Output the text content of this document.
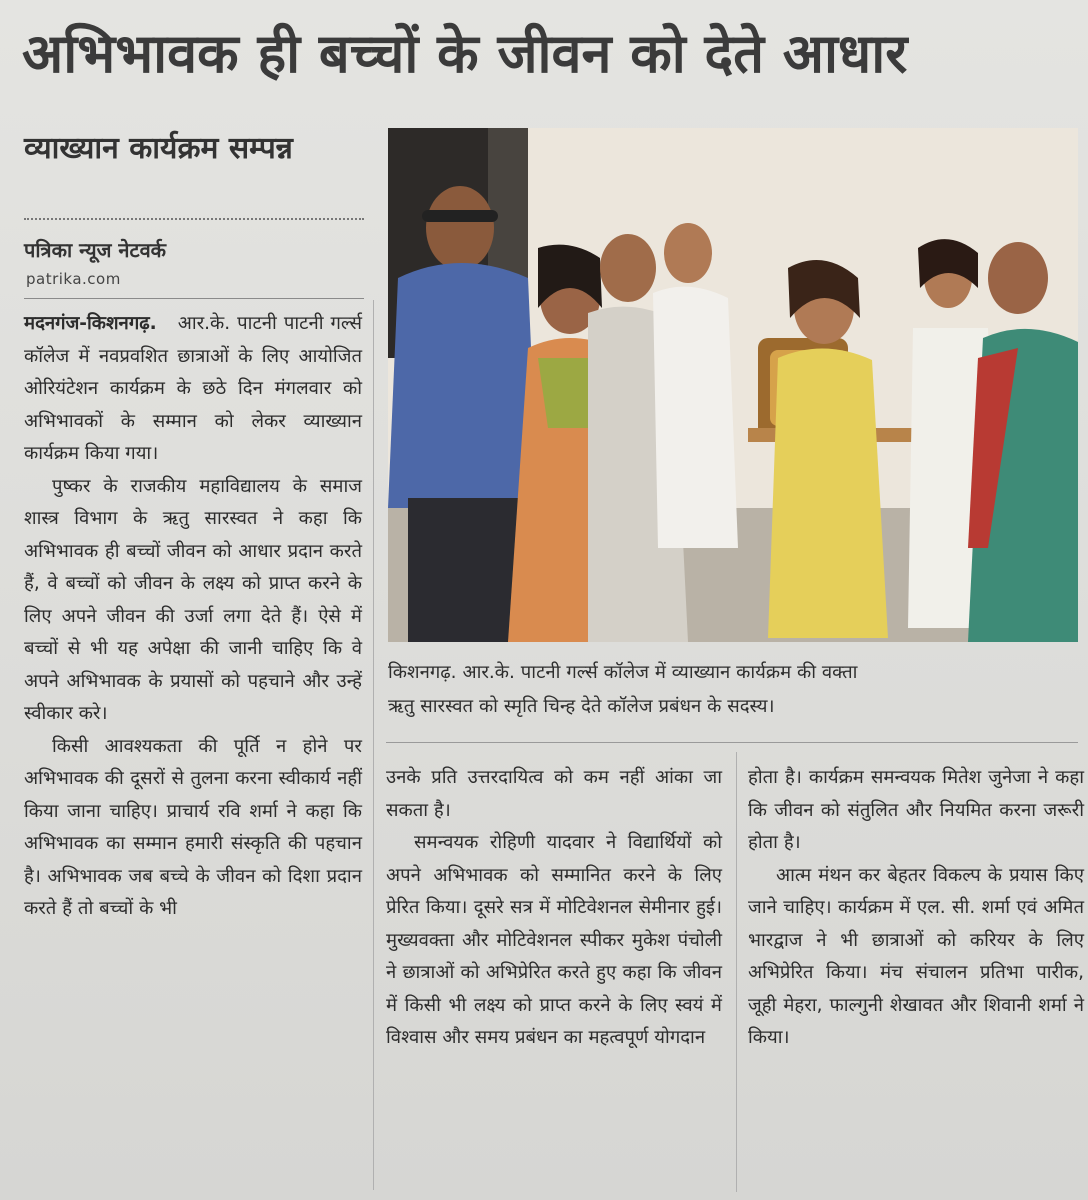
अभिभावक ही बच्चों के जीवन को देते आधार
व्याख्यान कार्यक्रम सम्पन्न
पत्रिका न्यूज नेटवर्क
patrika.com

मदनगंज-किशनगढ़. आर.के. पाटनी पाटनी गर्ल्स कॉलेज में नवप्रवशित छात्राओं के लिए आयोजित ओरियंटेशन कार्यक्रम के छठे दिन मंगलवार को अभिभावकों के सम्मान को लेकर व्याख्यान कार्यक्रम किया गया।

पुष्कर के राजकीय महाविद्यालय के समाज शास्त्र विभाग के ऋतु सारस्वत ने कहा कि अभिभावक ही बच्चों जीवन को आधार प्रदान करते हैं, वे बच्चों को जीवन के लक्ष्य को प्राप्त करने के लिए अपने जीवन की उर्जा लगा देते हैं। ऐसे में बच्चों से भी यह अपेक्षा की जानी चाहिए कि वे अपने अभिभावक के प्रयासों को पहचाने और उन्हें स्वीकार करे।

किसी आवश्यकता की पूर्ति न होने पर अभिभावक की दूसरों से तुलना करना स्वीकार्य नहीं किया जाना चाहिए। प्राचार्य रवि शर्मा ने कहा कि अभिभावक का सम्मान हमारी संस्कृति की पहचान है। अभिभावक जब बच्चे के जीवन को दिशा प्रदान करते हैं तो बच्चों के भी

किशनगढ़. आर.के. पाटनी गर्ल्स कॉलेज में व्याख्यान कार्यक्रम की वक्ता
ऋतु सारस्वत को स्मृति चिन्ह देते कॉलेज प्रबंधन के सदस्य।

उनके प्रति उत्तरदायित्व को कम नहीं आंका जा सकता है।

समन्वयक रोहिणी यादवार ने विद्यार्थियों को अपने अभिभावक को सम्मानित करने के लिए प्रेरित किया। दूसरे सत्र में मोटिवेशनल सेमीनार हुई। मुख्यवक्ता और मोटिवेशनल स्पीकर मुकेश पंचोली ने छात्राओं को अभिप्रेरित करते हुए कहा कि जीवन में किसी भी लक्ष्य को प्राप्त करने के लिए स्वयं में विश्वास और समय प्रबंधन का महत्वपूर्ण योगदान

होता है। कार्यक्रम समन्वयक मितेश जुनेजा ने कहा कि जीवन को संतुलित और नियमित करना जरूरी होता है।

आत्म मंथन कर बेहतर विकल्प के प्रयास किए जाने चाहिए। कार्यक्रम में एल. सी. शर्मा एवं अमित भारद्वाज ने भी छात्राओं को करियर के लिए अभिप्रेरित किया। मंच संचालन प्रतिभा पारीक, जूही मेहरा, फाल्गुनी शेखावत और शिवानी शर्मा ने किया।
